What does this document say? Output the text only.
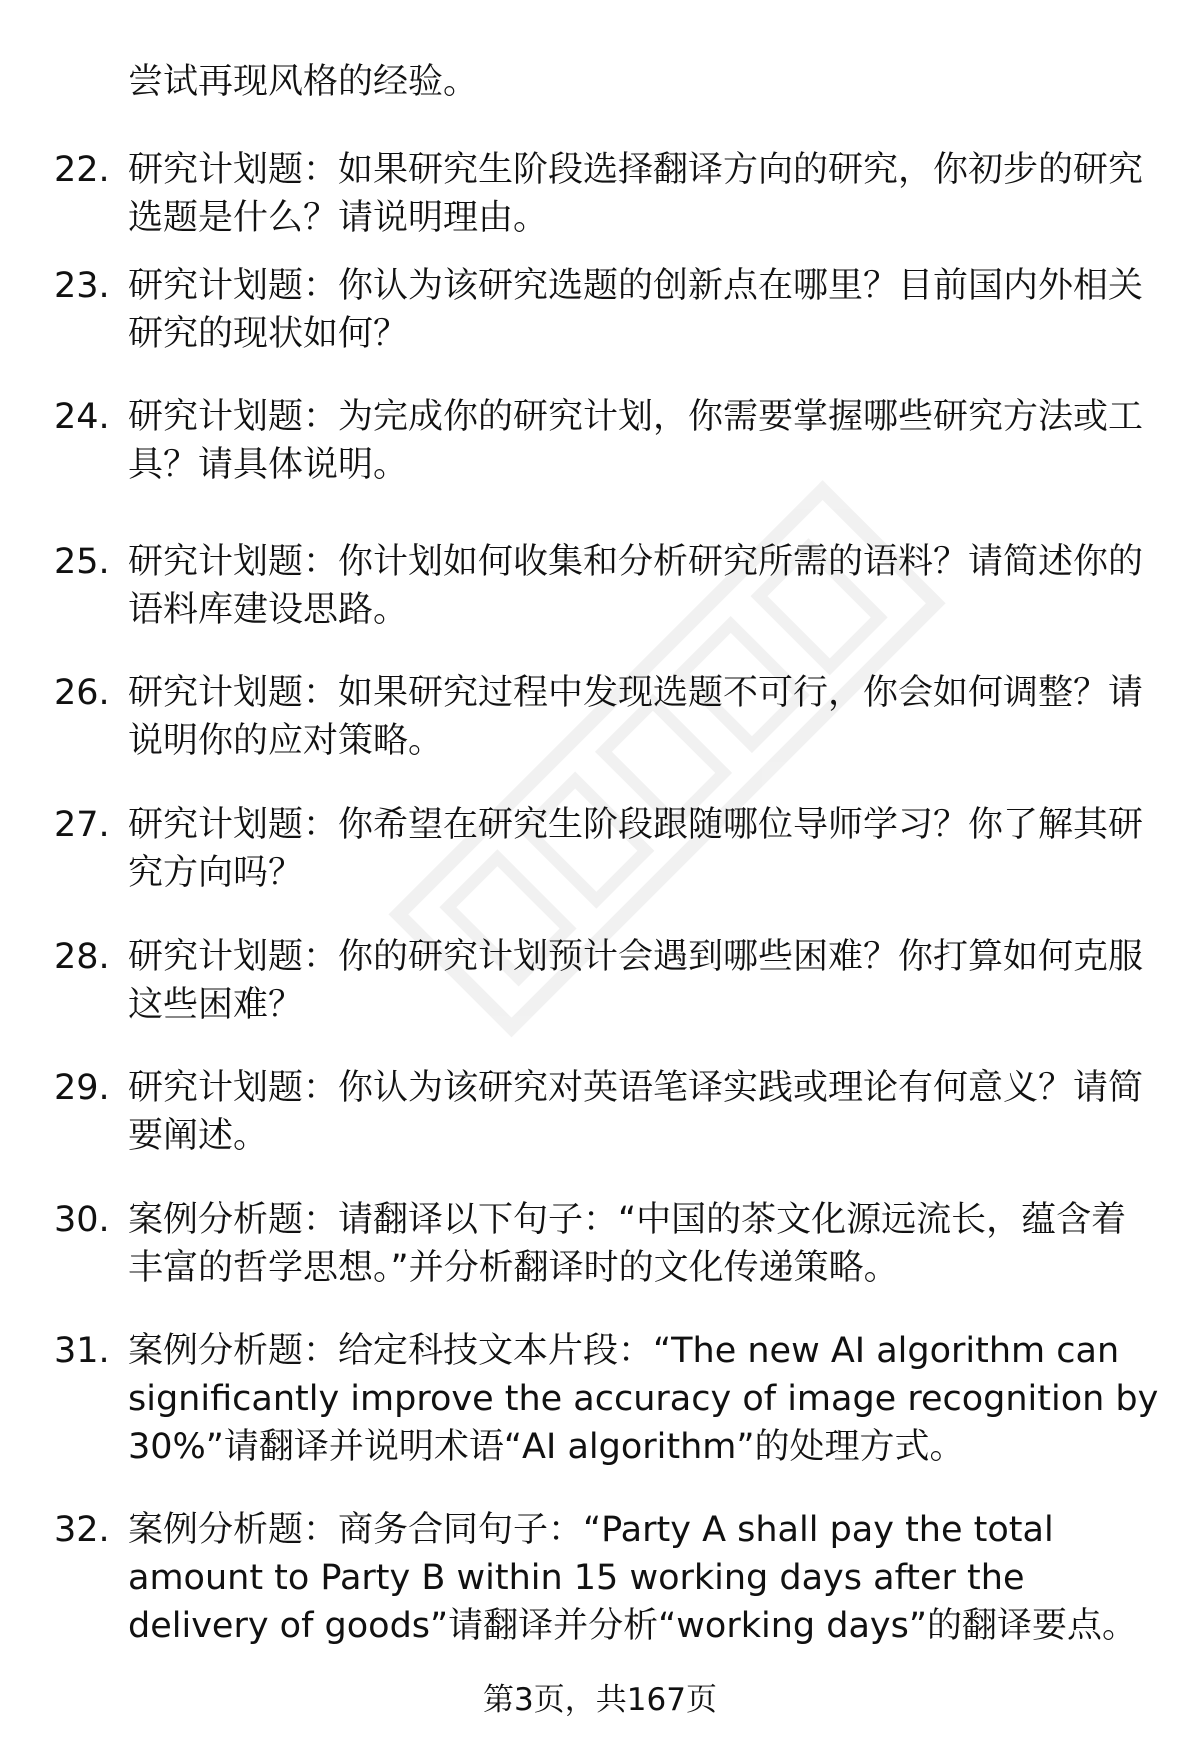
尝试再现风格的经验。
22. 研究计划题：如果研究生阶段选择翻译方向的研究，你初步的研究选题是什么？请说明理由。
23. 研究计划题：你认为该研究选题的创新点在哪里？目前国内外相关研究的现状如何？
24. 研究计划题：为完成你的研究计划，你需要掌握哪些研究方法或工具？请具体说明。
25. 研究计划题：你计划如何收集和分析研究所需的语料？请简述你的语料库建设思路。
26. 研究计划题：如果研究过程中发现选题不可行，你会如何调整？请说明你的应对策略。
27. 研究计划题：你希望在研究生阶段跟随哪位导师学习？你了解其研究方向吗？
28. 研究计划题：你的研究计划预计会遇到哪些困难？你打算如何克服这些困难？
29. 研究计划题：你认为该研究对英语笔译实践或理论有何意义？请简要阐述。
30. 案例分析题：请翻译以下句子：“中国的茶文化源远流长，蕴含着丰富的哲学思想。”并分析翻译时的文化传递策略。
31. 案例分析题：给定科技文本片段：“The new AI algorithm can significantly improve the accuracy of image recognition by 30%”请翻译并说明术语“AI algorithm”的处理方式。
32. 案例分析题：商务合同句子：“Party A shall pay the total amount to Party B within 15 working days after the delivery of goods”请翻译并分析“working days”的翻译要点。
第3页，共167页
